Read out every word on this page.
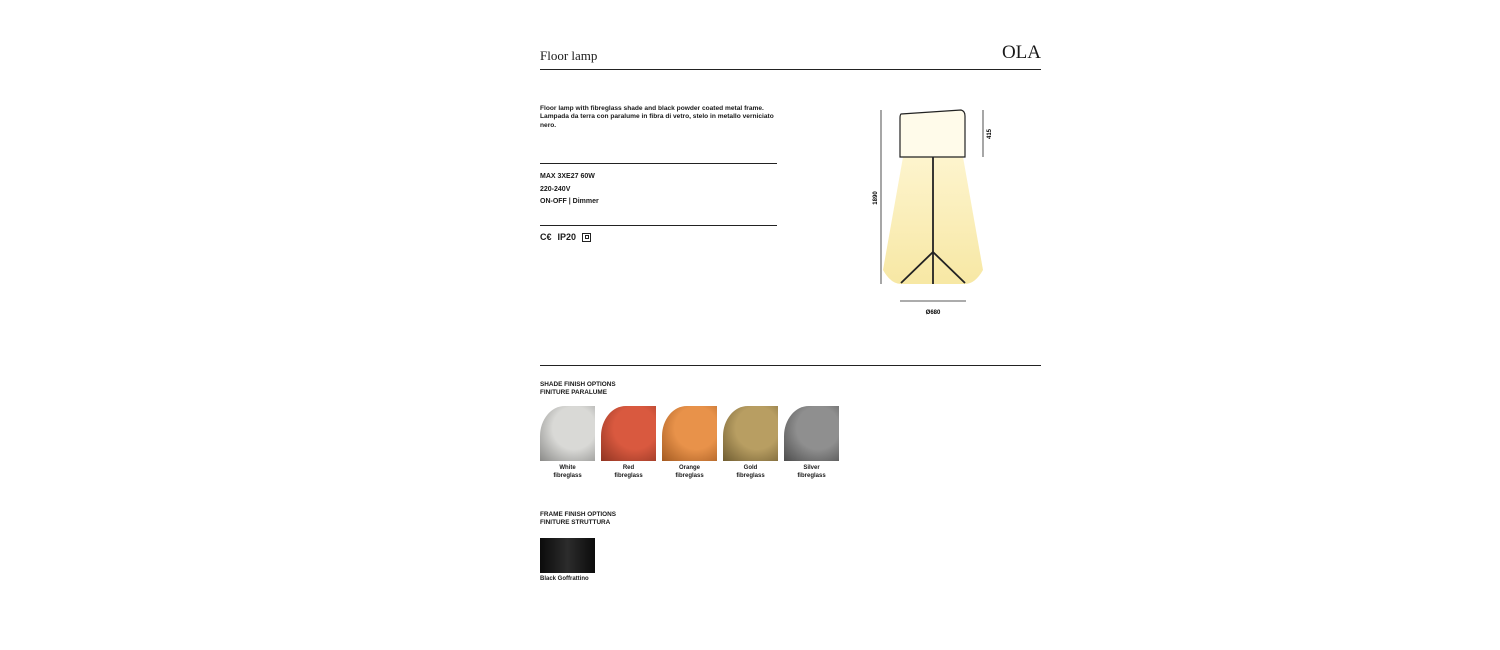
Floor lamp	OLA
Floor lamp with fibreglass shade and black powder coated metal frame.
Lampada da terra con paralume in fibra di vetro, stelo in metallo verniciato nero.
MAX 3XE27 60W
220-240V
ON-OFF | Dimmer
C€ IP20
1890
415
Ø680
SHADE FINISH OPTIONS
FINITURE PARALUME
White
fibreglass
Red
fibreglass
Orange
fibreglass
Gold
fibreglass
Silver
fibreglass
FRAME FINISH OPTIONS
FINITURE STRUTTURA
Black Goffrattino
